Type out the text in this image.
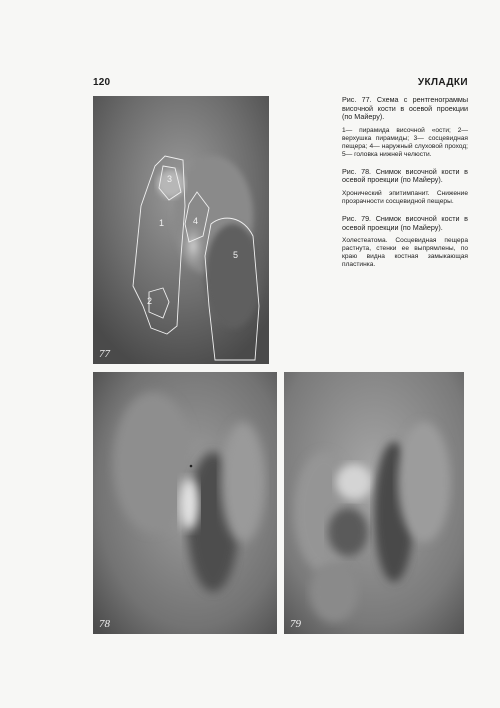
120	УКЛАДКИ

Рис. 77. Схема с рентгенограммы височной кости в осевой проекции (по Майеру).

1— пирамида височной «ости; 2— верхушка пирамиды; 3— сосцевидная пещера; 4— наружный слуховой проход; 5— головка нижней челюсти.

Рис. 78. Снимок височной кости в осевой проекции (по Майеру).

Хронический эпитимпанит. Снижение прозрачности сосцевидной пещеры.

Рис. 79. Снимок височной кости в осевой проекции (по Майеру).

Холестеатома. Сосцевидная пещера растнута, стенки ее выпрямлены, по краю видна костная замыкающая пластинка.

1
2
3
4
5
77
78	79
